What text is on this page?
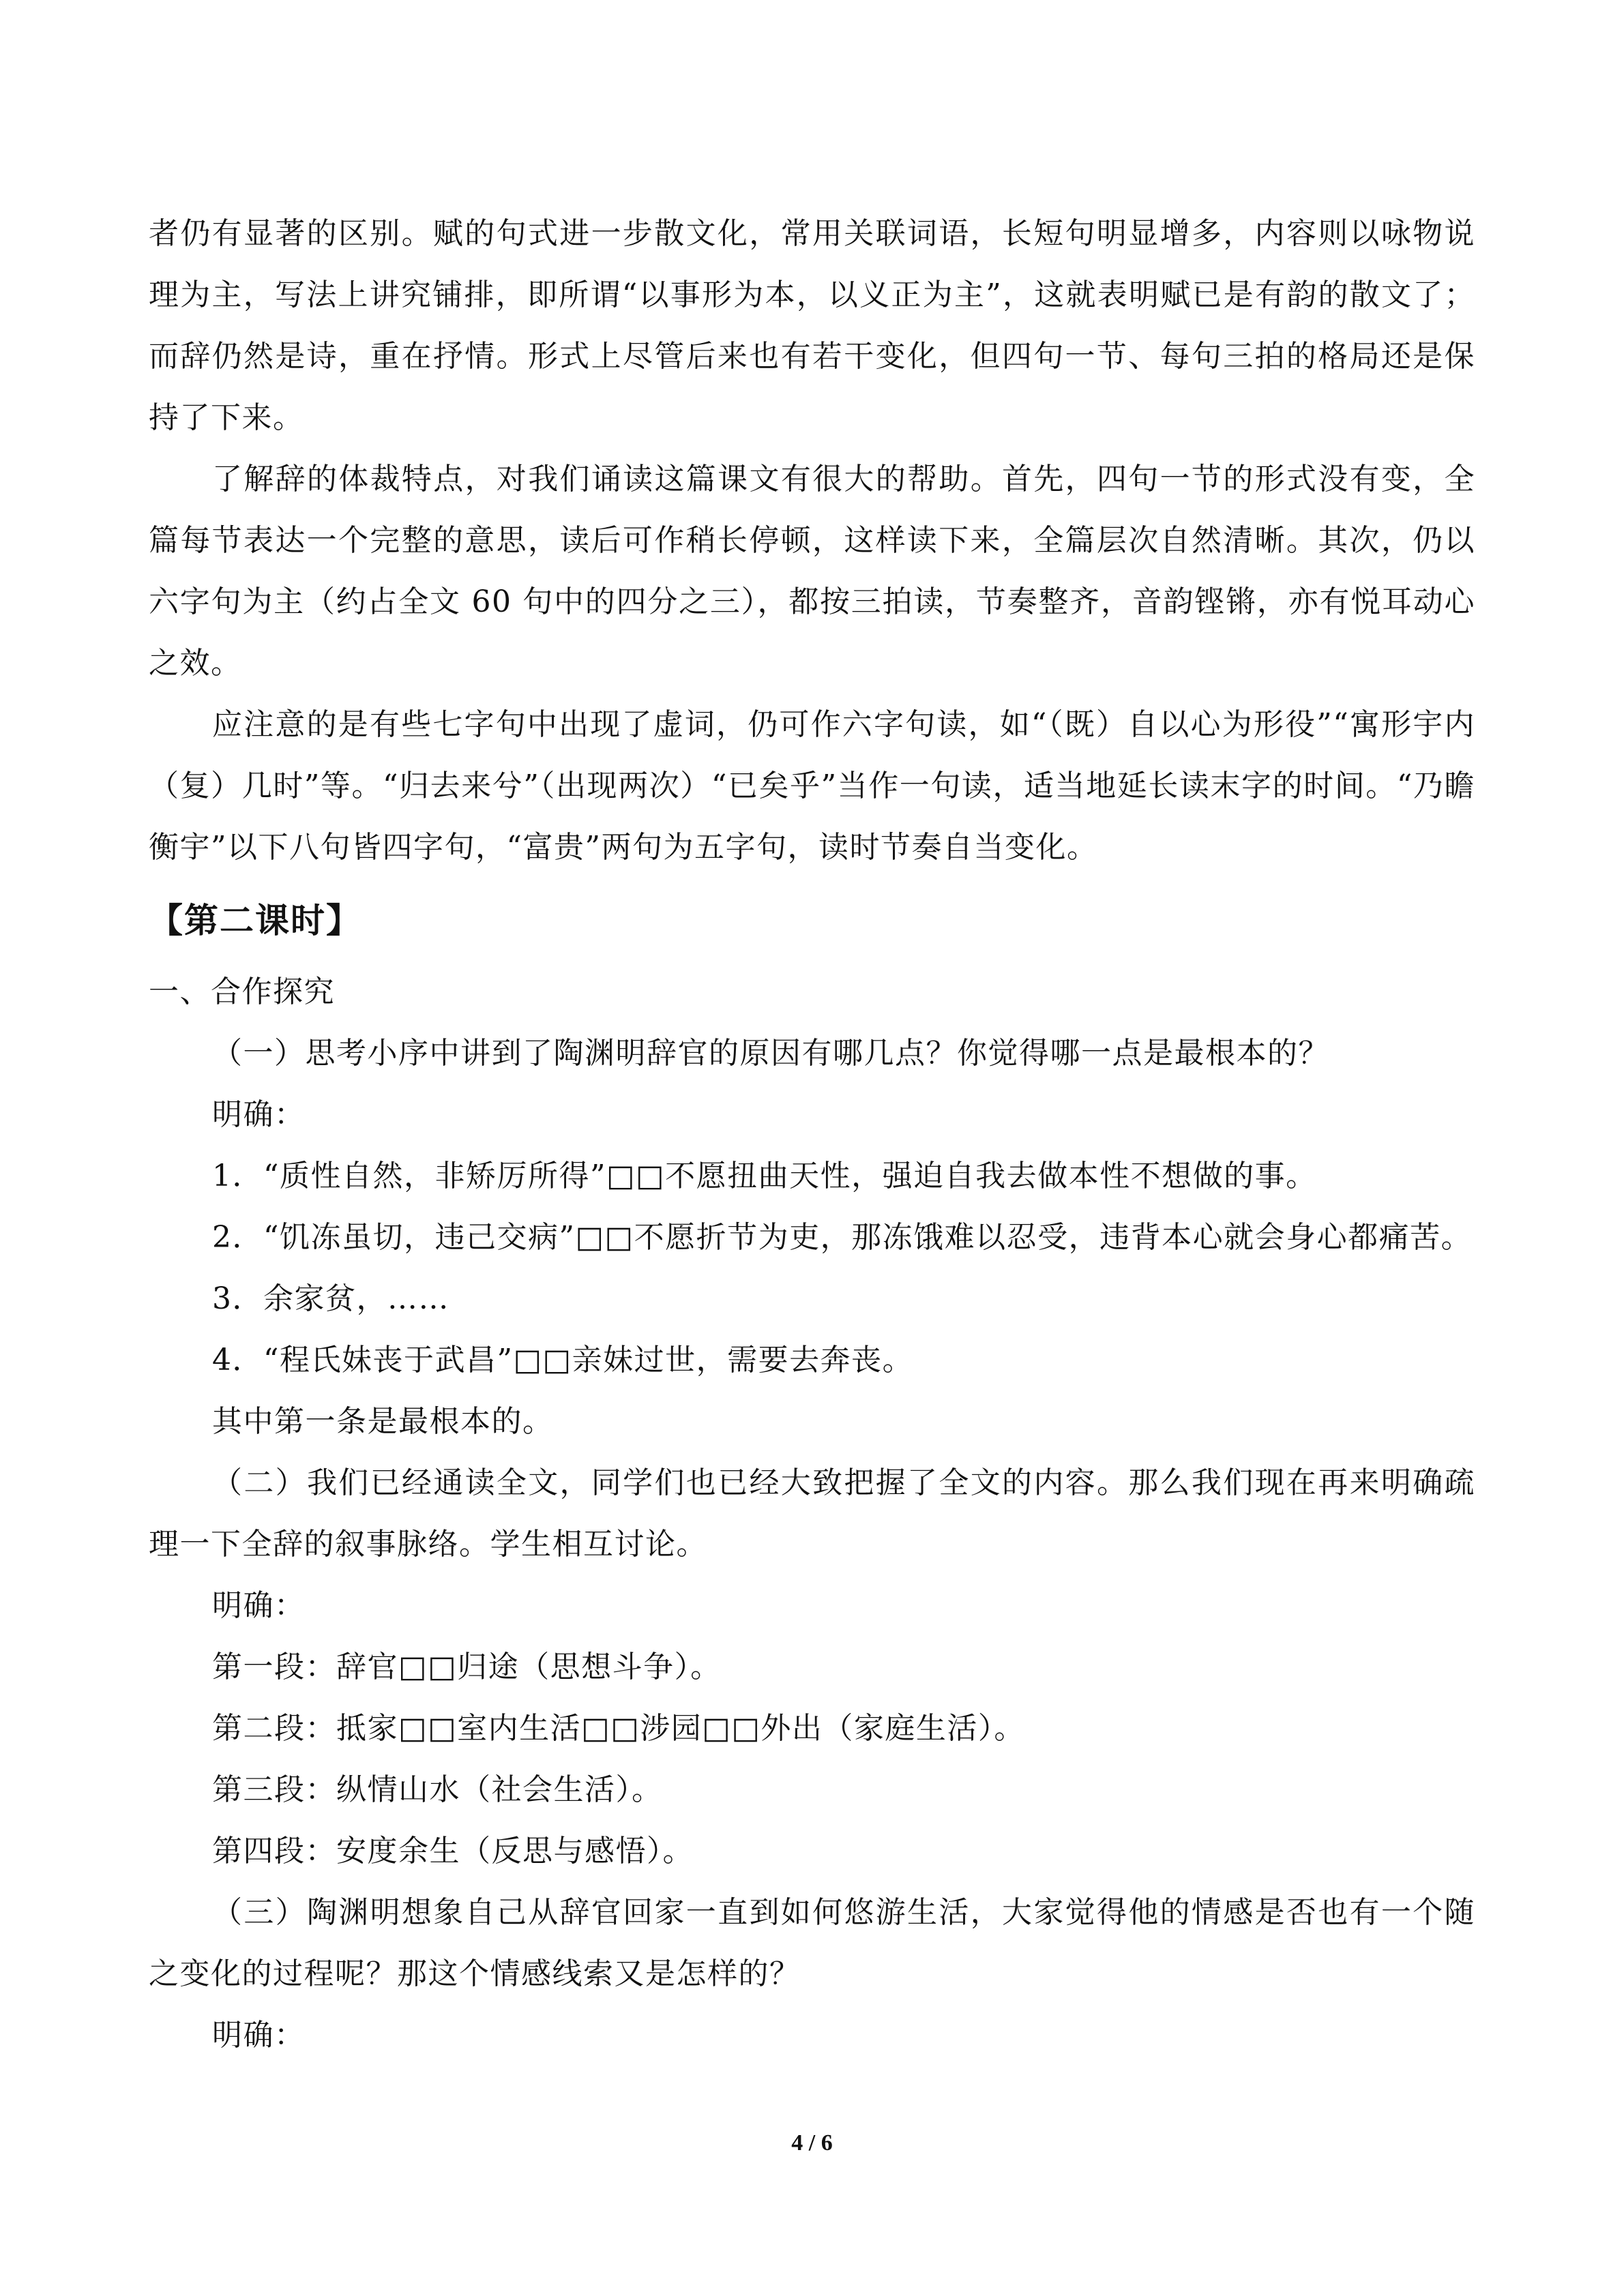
者仍有显著的区别。赋的句式进一步散文化，常用关联词语，长短句明显增多，内容则以咏物说理为主，写法上讲究铺排，即所谓“以事形为本，以义正为主”，这就表明赋已是有韵的散文了；而辞仍然是诗，重在抒情。形式上尽管后来也有若干变化，但四句一节、每句三拍的格局还是保持了下来。

了解辞的体裁特点，对我们诵读这篇课文有很大的帮助。首先，四句一节的形式没有变，全篇每节表达一个完整的意思，读后可作稍长停顿，这样读下来，全篇层次自然清晰。其次，仍以六字句为主（约占全文 60 句中的四分之三），都按三拍读，节奏整齐，音韵铿锵，亦有悦耳动心之效。

应注意的是有些七字句中出现了虚词，仍可作六字句读，如“（既）自以心为形役”“寓形宇内（复）几时”等。“归去来兮”（出现两次）“已矣乎”当作一句读，适当地延长读末字的时间。“乃瞻衡宇”以下八句皆四字句，“富贵”两句为五字句，读时节奏自当变化。

【第二课时】

一、合作探究

（一）思考小序中讲到了陶渊明辞官的原因有哪几点？你觉得哪一点是最根本的？

明确：

1．“质性自然，非矫厉所得”□□不愿扭曲天性，强迫自我去做本性不想做的事。

2．“饥冻虽切，违己交病”□□不愿折节为吏，那冻饿难以忍受，违背本心就会身心都痛苦。

3．余家贫，……

4．“程氏妹丧于武昌”□□亲妹过世，需要去奔丧。

其中第一条是最根本的。

（二）我们已经通读全文，同学们也已经大致把握了全文的内容。那么我们现在再来明确疏理一下全辞的叙事脉络。学生相互讨论。

明确：

第一段：辞官□□归途（思想斗争）。

第二段：抵家□□室内生活□□涉园□□外出（家庭生活）。

第三段：纵情山水（社会生活）。

第四段：安度余生（反思与感悟）。

（三）陶渊明想象自己从辞官回家一直到如何悠游生活，大家觉得他的情感是否也有一个随之变化的过程呢？那这个情感线索又是怎样的？

明确：

4 / 6
